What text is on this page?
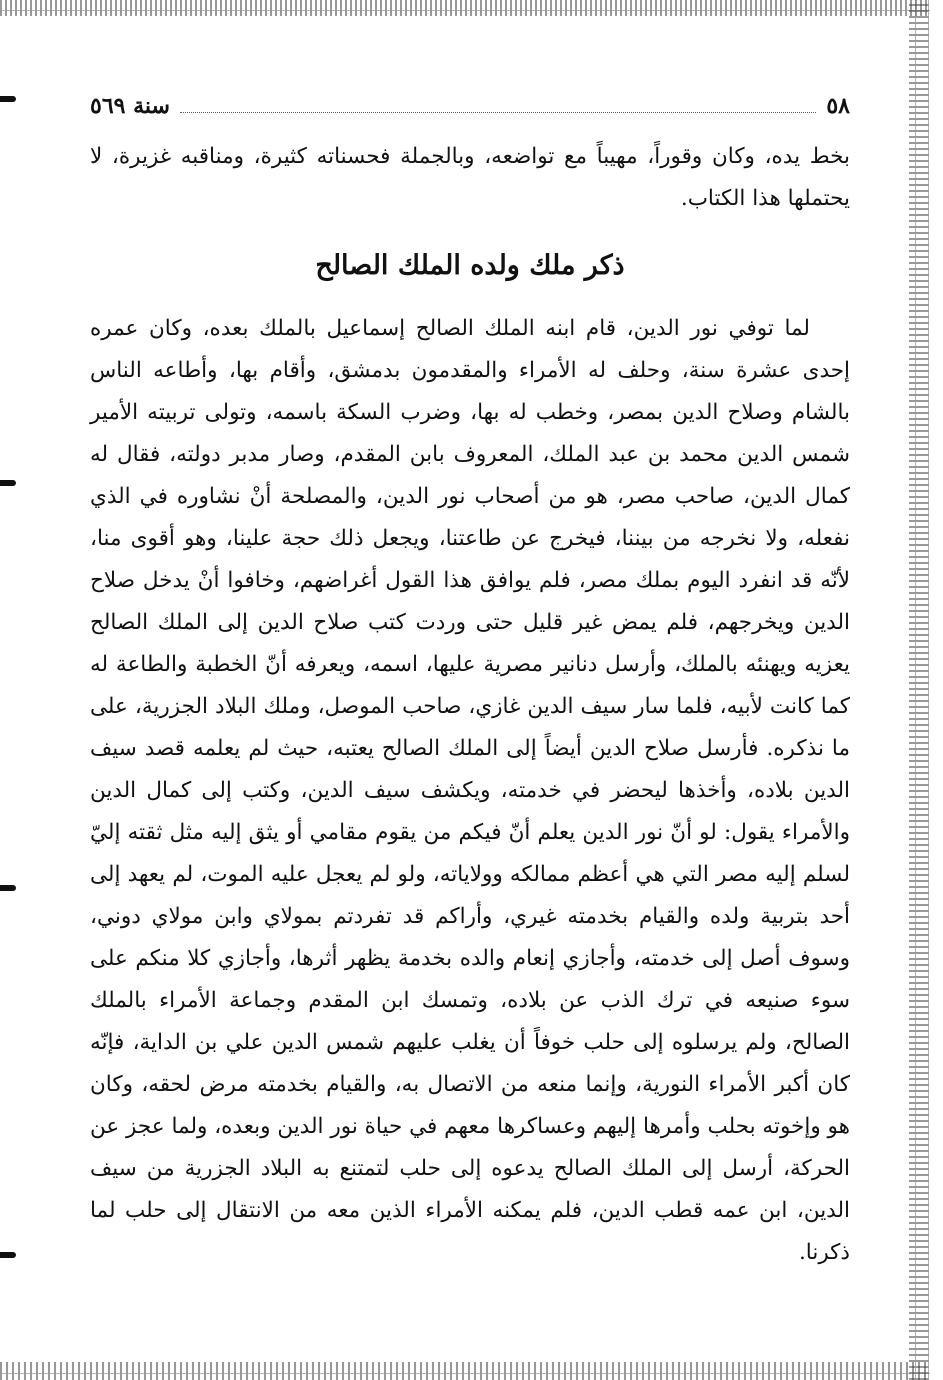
٥٨
سنة ٥٦٩

بخط يده، وكان وقوراً، مهيباً مع تواضعه، وبالجملة فحسناته كثيرة، ومناقبه غزيرة، لا يحتملها هذا الكتاب.

ذكر ملك ولده الملك الصالح

لما توفي نور الدين، قام ابنه الملك الصالح إسماعيل بالملك بعده، وكان عمره إحدى عشرة سنة، وحلف له الأمراء والمقدمون بدمشق، وأقام بها، وأطاعه الناس بالشام وصلاح الدين بمصر، وخطب له بها، وضرب السكة باسمه، وتولى تربيته الأمير شمس الدين محمد بن عبد الملك، المعروف بابن المقدم، وصار مدبر دولته، فقال له كمال الدين، صاحب مصر، هو من أصحاب نور الدين، والمصلحة أنْ نشاوره في الذي نفعله، ولا نخرجه من بيننا، فيخرج عن طاعتنا، ويجعل ذلك حجة علينا، وهو أقوى منا، لأنّه قد انفرد اليوم بملك مصر، فلم يوافق هذا القول أغراضهم، وخافوا أنْ يدخل صلاح الدين ويخرجهم، فلم يمض غير قليل حتى وردت كتب صلاح الدين إلى الملك الصالح يعزيه ويهنئه بالملك، وأرسل دنانير مصرية عليها، اسمه، ويعرفه أنّ الخطبة والطاعة له كما كانت لأبيه، فلما سار سيف الدين غازي، صاحب الموصل، وملك البلاد الجزرية، على ما نذكره. فأرسل صلاح الدين أيضاً إلى الملك الصالح يعتبه، حيث لم يعلمه قصد سيف الدين بلاده، وأخذها ليحضر في خدمته، ويكشف سيف الدين، وكتب إلى كمال الدين والأمراء يقول: لو أنّ نور الدين يعلم أنّ فيكم من يقوم مقامي أو يثق إليه مثل ثقته إليّ لسلم إليه مصر التي هي أعظم ممالكه وولاياته، ولو لم يعجل عليه الموت، لم يعهد إلى أحد بتربية ولده والقيام بخدمته غيري، وأراكم قد تفردتم بمولاي وابن مولاي دوني، وسوف أصل إلى خدمته، وأجازي إنعام والده بخدمة يظهر أثرها، وأجازي كلا منكم على سوء صنيعه في ترك الذب عن بلاده، وتمسك ابن المقدم وجماعة الأمراء بالملك الصالح، ولم يرسلوه إلى حلب خوفاً أن يغلب عليهم شمس الدين علي بن الداية، فإنّه كان أكبر الأمراء النورية، وإنما منعه من الاتصال به، والقيام بخدمته مرض لحقه، وكان هو وإخوته بحلب وأمرها إليهم وعساكرها معهم في حياة نور الدين وبعده، ولما عجز عن الحركة، أرسل إلى الملك الصالح يدعوه إلى حلب لتمتنع به البلاد الجزرية من سيف الدين، ابن عمه قطب الدين، فلم يمكنه الأمراء الذين معه من الانتقال إلى حلب لما ذكرنا.
